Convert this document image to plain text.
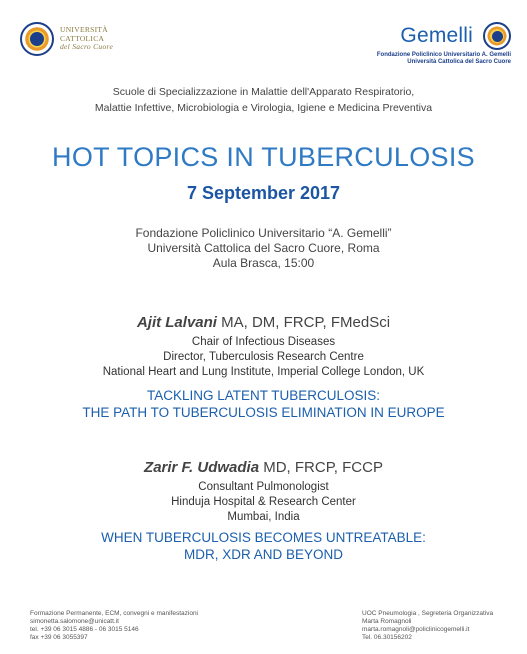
UNIVERSITÀ
CATTOLICA
del Sacro Cuore	Gemelli
Fondazione Policlinico Universitario A. Gemelli
Università Cattolica del Sacro Cuore
Scuole di Specializzazione in Malattie dell'Apparato Respiratorio,
Malattie Infettive, Microbiologia e Virologia, Igiene e Medicina Preventiva
HOT TOPICS IN TUBERCULOSIS
7 September 2017
Fondazione Policlinico Universitario “A. Gemelli”
Università Cattolica del Sacro Cuore, Roma
Aula Brasca, 15:00
Ajit Lalvani MA, DM, FRCP, FMedSci
Chair of Infectious Diseases
Director, Tuberculosis Research Centre
National Heart and Lung Institute, Imperial College London, UK
TACKLING LATENT TUBERCULOSIS:
THE PATH TO TUBERCULOSIS ELIMINATION IN EUROPE
Zarir F. Udwadia MD, FRCP, FCCP
Consultant Pulmonologist
Hinduja Hospital & Research Center
Mumbai, India
WHEN TUBERCULOSIS BECOMES UNTREATABLE:
MDR, XDR AND BEYOND
Formazione Permanente, ECM, convegni e manifestazioni
simonetta.salomone@unicatt.it
tel. +39 06 3015 4886 - 06 3015 5146
fax +39 06 3055397
UOC Pneumologia , Segreteria Organizzativa
Marta Romagnoli
marta.romagnoli@policlinicogemelli.it
Tel. 06.30156202
